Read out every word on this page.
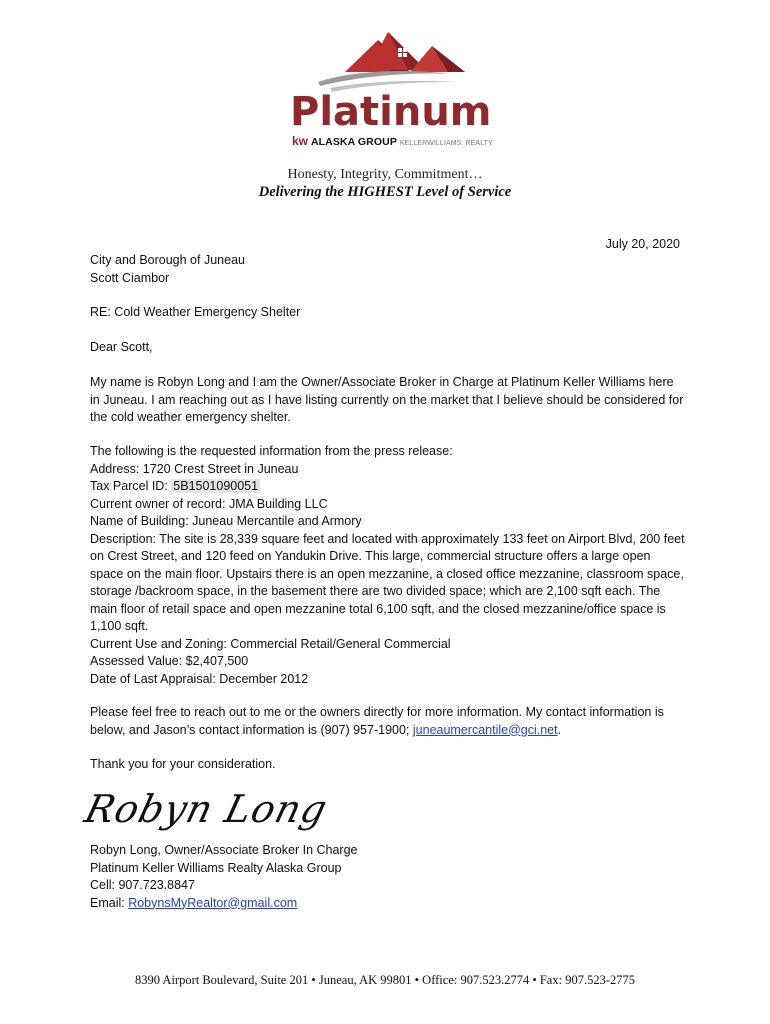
Platinum
kw ALASKA GROUP KELLERWILLIAMS. REALTY
Honesty, Integrity, Commitment…
Delivering the HIGHEST Level of Service
July 20, 2020

City and Borough of Juneau

Scott Ciambor

RE: Cold Weather Emergency Shelter

Dear Scott,

My name is Robyn Long and I am the Owner/Associate Broker in Charge at Platinum Keller Williams here in Juneau. I am reaching out as I have listing currently on the market that I believe should be considered for the cold weather emergency shelter.

The following is the requested information from the press release:

Address: 1720 Crest Street in Juneau

Tax Parcel ID: 5B1501090051

Current owner of record: JMA Building LLC

Name of Building: Juneau Mercantile and Armory

Description: The site is 28,339 square feet and located with approximately 133 feet on Airport Blvd, 200 feet on Crest Street, and 120 feed on Yandukin Drive. This large, commercial structure offers a large open space on the main floor. Upstairs there is an open mezzanine, a closed office mezzanine, classroom space, storage /backroom space, in the basement there are two divided space; which are 2,100 sqft each. The main floor of retail space and open mezzanine total 6,100 sqft, and the closed mezzanine/office space is 1,100 sqft.

Current Use and Zoning: Commercial Retail/General Commercial

Assessed Value: $2,407,500

Date of Last Appraisal: December 2012

Please feel free to reach out to me or the owners directly for more information. My contact information is below, and Jason’s contact information is (907) 957-1900; juneaumercantile@gci.net.

Thank you for your consideration.

Robyn Long

Robyn Long, Owner/Associate Broker In Charge

Platinum Keller Williams Realty Alaska Group

Cell: 907.723.8847

Email: RobynsMyRealtor@gmail.com

8390 Airport Boulevard, Suite 201 • Juneau, AK 99801 • Office: 907.523.2774 • Fax: 907.523-2775
